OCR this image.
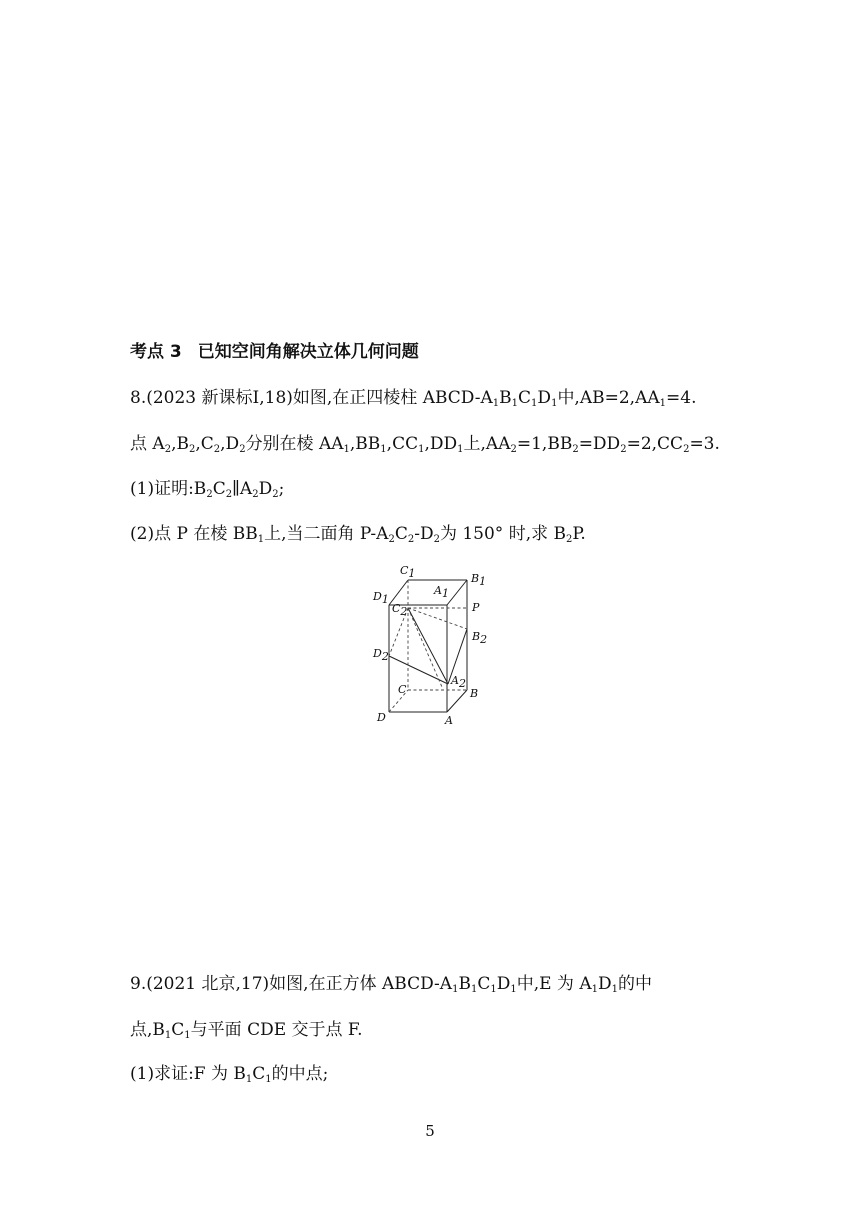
考点 3 已知空间角解决立体几何问题
8.(2023 新课标Ⅰ,18)如图,在正四棱柱 ABCD-$A_1B_1C_1D_1$中$,AB=2,AA_1=4$.
点 $A_2,B_2,C_2,D_2$分别在棱 $AA_1,BB_1,CC_1,DD_1$上$,AA_2=1,BB_2=DD_2=2,CC_2=3$.
(1)证明$:B_2C_2\parallel A_2D_2$;
(2)点 P 在棱 $BB_1$上,当二面角 $P-A_2C_2-D_2$为 150° 时,求 $B_2P$.
C1	B1
A1
D1
C2	P
B2
D2
C
A2
B
D	A
9.(2021 北京,17)如图,在正方体 ABCD-$A_1B_1C_1D_1$中,E 为 $A_1D_1$的中
点$,B_1C_1$与平面 CDE 交于点 F.
(1)求证:F 为 $B_1C_1$的中点;
5
